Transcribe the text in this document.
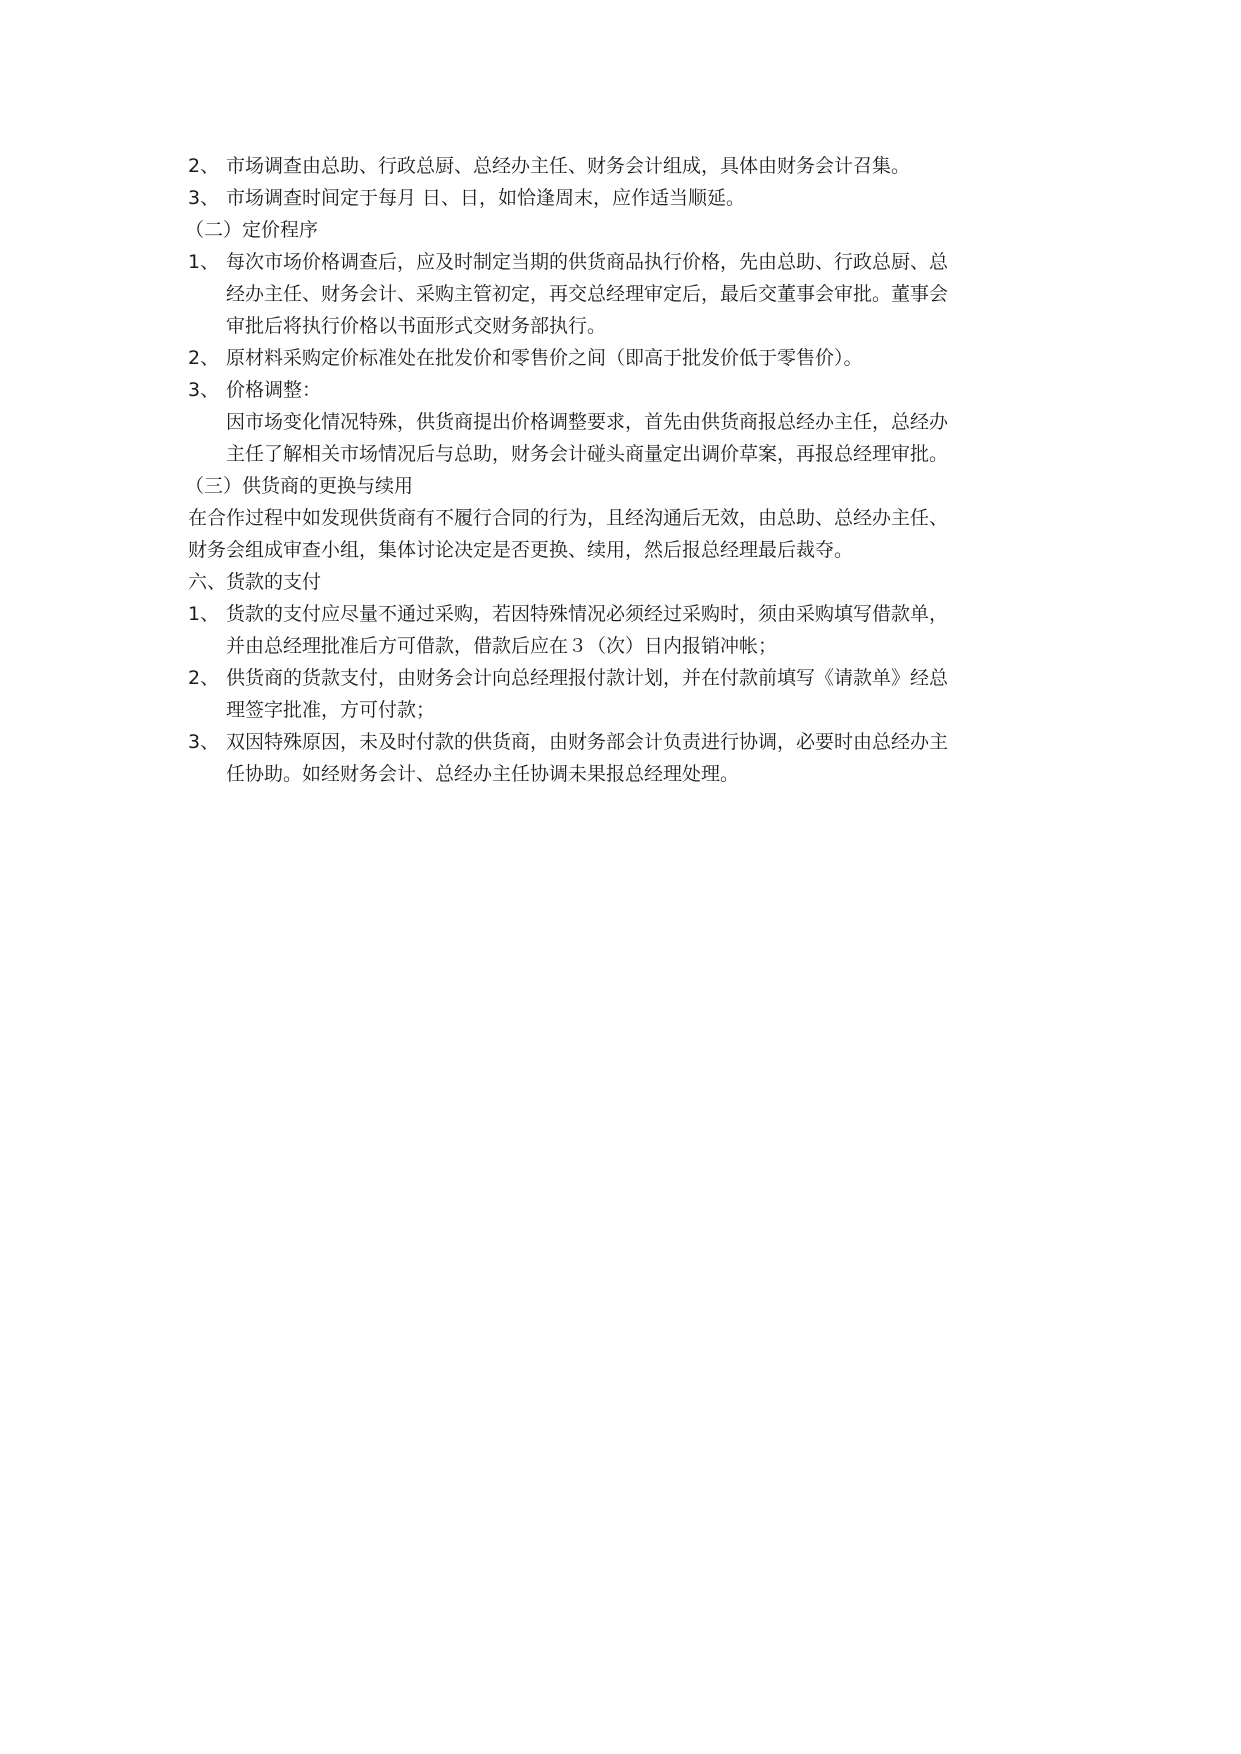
2、 市场调查由总助、行政总厨、总经办主任、财务会计组成，具体由财务会计召集。
3、 市场调查时间定于每月 日、日，如恰逢周末，应作适当顺延。
（二）定价程序
1、 每次市场价格调查后，应及时制定当期的供货商品执行价格，先由总助、行政总厨、总
经办主任、财务会计、采购主管初定，再交总经理审定后，最后交董事会审批。董事会
审批后将执行价格以书面形式交财务部执行。
2、 原材料采购定价标准处在批发价和零售价之间（即高于批发价低于零售价）。
3、 价格调整：
因市场变化情况特殊，供货商提出价格调整要求，首先由供货商报总经办主任，总经办
主任了解相关市场情况后与总助，财务会计碰头商量定出调价草案，再报总经理审批。
（三）供货商的更换与续用
在合作过程中如发现供货商有不履行合同的行为，且经沟通后无效，由总助、总经办主任、
财务会组成审查小组，集体讨论决定是否更换、续用，然后报总经理最后裁夺。
六、货款的支付
1、 货款的支付应尽量不通过采购，若因特殊情况必须经过采购时，须由采购填写借款单，
并由总经理批准后方可借款，借款后应在３（次）日内报销冲帐；
2、 供货商的货款支付，由财务会计向总经理报付款计划，并在付款前填写《请款单》经总
理签字批准，方可付款；
3、 双因特殊原因，未及时付款的供货商，由财务部会计负责进行协调，必要时由总经办主
任协助。如经财务会计、总经办主任协调未果报总经理处理。
